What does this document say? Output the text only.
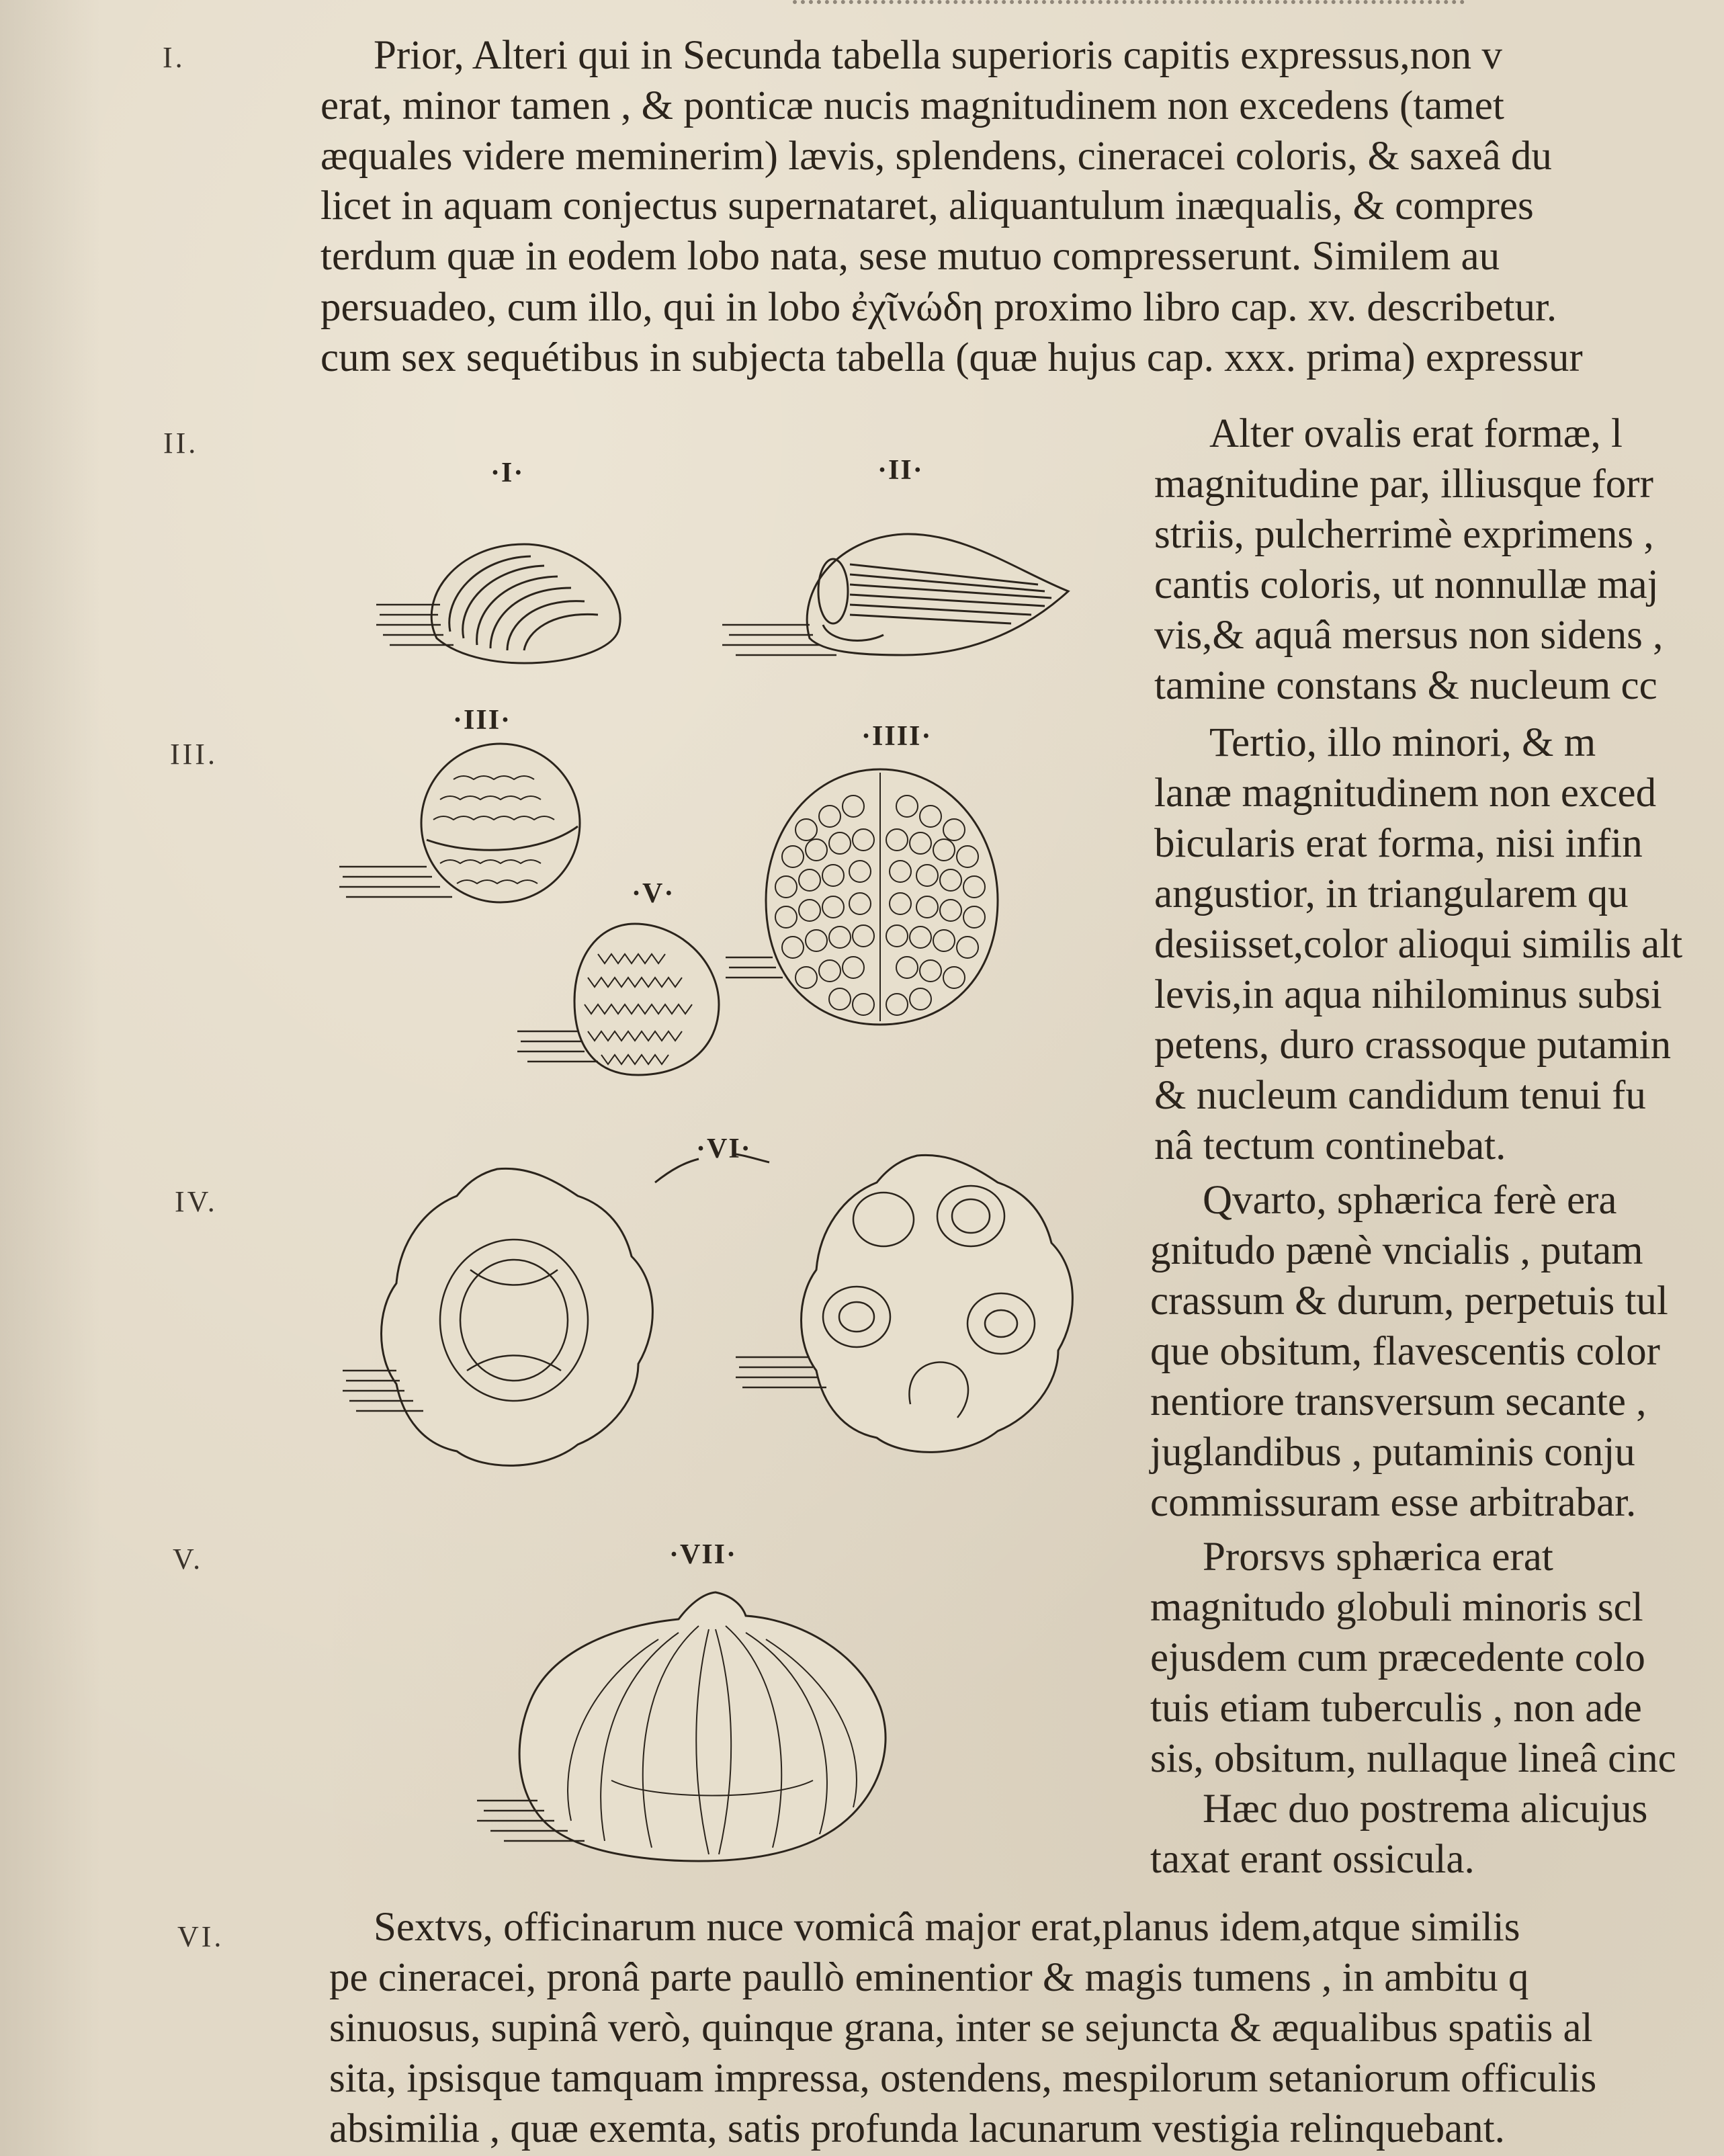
I.
II.
III.
IV.
V.
VI.
Prior, Alteri qui in Secunda tabella superioris capitis expressus,non v
erat, minor tamen , & ponticæ nucis magnitudinem non excedens (tamet
æquales videre meminerim) lævis, splendens, cineracei coloris, & saxeâ du
licet in aquam conjectus supernataret, aliquantulum inæqualis, & compres
terdum quæ in eodem lobo nata, sese mutuo compresserunt. Similem au
persuadeo, cum illo, qui in lobo ἐχῖνώδη proximo libro cap. xv. describetur.
cum sex sequétibus in subjecta tabella (quæ hujus cap. xxx. prima) expressur
Alter ovalis erat formæ, l
magnitudine par, illiusque forr
striis, pulcherrimè exprimens ,
cantis coloris, ut nonnullæ maj
vis,& aquâ mersus non sidens ,
tamine constans & nucleum cc
Tertio, illo minori, & m
lanæ magnitudinem non exced
bicularis erat forma, nisi infin
angustior, in triangularem qu
desiisset,color alioqui similis alt
levis,in aqua nihilominus subsi
petens, duro crassoque putamin
& nucleum candidum tenui fu
nâ tectum continebat.
Qvarto, sphærica ferè era
gnitudo pænè vncialis , putam
crassum & durum, perpetuis tul
que obsitum, flavescentis color
nentiore transversum secante ,
juglandibus , putaminis conju
commissuram esse arbitrabar.
Prorsvs sphærica erat
magnitudo globuli minoris scl
ejusdem cum præcedente colo
tuis etiam tuberculis , non ade
sis, obsitum, nullaque lineâ cinc
Hæc duo postrema alicujus
taxat erant ossicula.
Sextvs, officinarum nuce vomicâ major erat,planus idem,atque similis
pe cineracei, pronâ parte paullò eminentior & magis tumens , in ambitu q
sinuosus, supinâ verò, quinque grana, inter se sejuncta & æqualibus spatiis al
sita, ipsisque tamquam impressa, ostendens, mespilorum setaniorum officulis
absimilia , quæ exemta, satis profunda lacunarum vestigia relinquebant.
·I·	·II·
·III·
·IIII·
·V·
·VI·
·VII·
